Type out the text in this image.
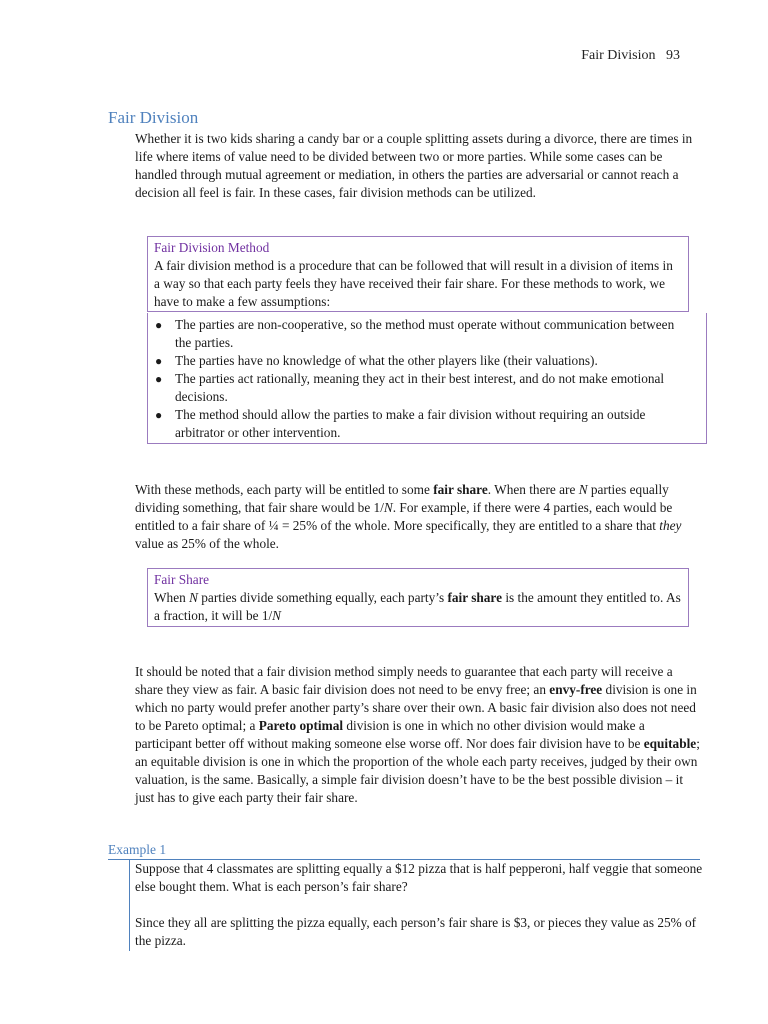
Fair Division   93
Fair Division

Whether it is two kids sharing a candy bar or a couple splitting assets during a divorce, there are times in life where items of value need to be divided between two or more parties. While some cases can be handled through mutual agreement or mediation, in others the parties are adversarial or cannot reach a decision all feel is fair. In these cases, fair division methods can be utilized.

Fair Division Method
A fair division method is a procedure that can be followed that will result in a division of items in a way so that each party feels they have received their fair share. For these methods to work, we have to make a few assumptions:
● The parties are non-cooperative, so the method must operate without communication between the parties.
● The parties have no knowledge of what the other players like (their valuations).
● The parties act rationally, meaning they act in their best interest, and do not make emotional decisions.
● The method should allow the parties to make a fair division without requiring an outside arbitrator or other intervention.

With these methods, each party will be entitled to some fair share. When there are N parties equally dividing something, that fair share would be 1/N. For example, if there were 4 parties, each would be entitled to a fair share of ¼ = 25% of the whole. More specifically, they are entitled to a share that they value as 25% of the whole.

Fair Share
When N parties divide something equally, each party’s fair share is the amount they entitled to. As a fraction, it will be 1/N

It should be noted that a fair division method simply needs to guarantee that each party will receive a share they view as fair. A basic fair division does not need to be envy free; an envy-free division is one in which no party would prefer another party’s share over their own. A basic fair division also does not need to be Pareto optimal; a Pareto optimal division is one in which no other division would make a participant better off without making someone else worse off. Nor does fair division have to be equitable; an equitable division is one in which the proportion of the whole each party receives, judged by their own valuation, is the same. Basically, a simple fair division doesn’t have to be the best possible division – it just has to give each party their fair share.

Example 1

Suppose that 4 classmates are splitting equally a $12 pizza that is half pepperoni, half veggie that someone else bought them. What is each person’s fair share?

Since they all are splitting the pizza equally, each person’s fair share is $3, or pieces they value as 25% of the pizza.
